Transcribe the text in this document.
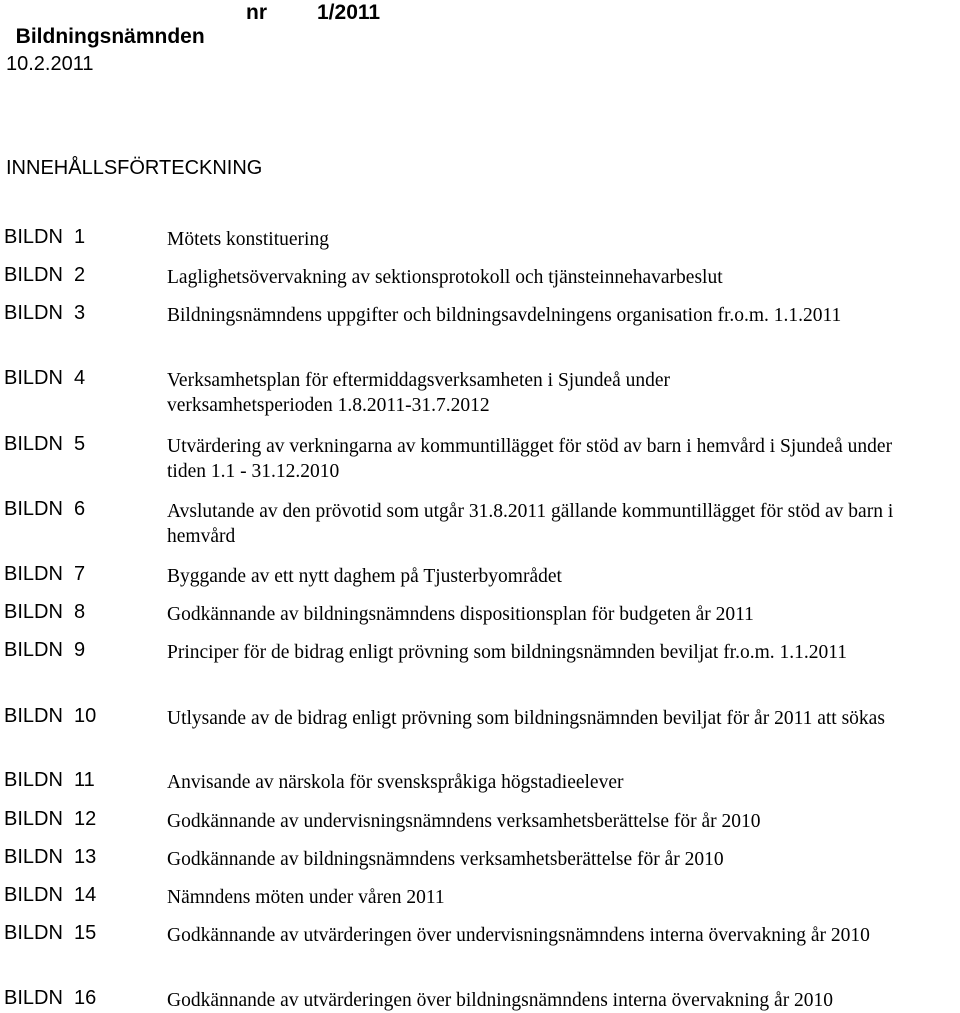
Bildningsnämnden

nr

1/2011

10.2.2011
INNEHÅLLSFÖRTECKNING
BILDN  1	Mötets konstituering
BILDN  2	Laglighetsövervakning av sektionsprotokoll och tjänsteinnehavarbeslut
BILDN  3	Bildningsnämndens uppgifter och bildningsavdelningens organisation fr.o.m. 1.1.2011
BILDN  4	Verksamhetsplan för eftermiddagsverksamheten i Sjundeå under verksamhetsperioden 1.8.2011-31.7.2012
BILDN  5	Utvärdering av verkningarna av kommuntillägget för stöd av barn i hemvård i Sjundeå under tiden 1.1 - 31.12.2010
BILDN  6	Avslutande av den prövotid som utgår 31.8.2011 gällande kommuntillägget för stöd av barn i hemvård
BILDN  7	Byggande av ett nytt daghem på Tjusterbyområdet
BILDN  8	Godkännande av bildningsnämndens dispositionsplan för budgeten år 2011
BILDN  9	Principer för de bidrag enligt prövning som bildningsnämnden beviljat fr.o.m. 1.1.2011
BILDN  10	Utlysande av de bidrag enligt prövning som bildningsnämnden beviljat för år 2011 att sökas
BILDN  11	Anvisande av närskola för svenskspråkiga högstadieelever
BILDN  12	Godkännande av undervisningsnämndens verksamhetsberättelse för år 2010
BILDN  13	Godkännande av bildningsnämndens verksamhetsberättelse för år 2010
BILDN  14	Nämndens möten under våren 2011
BILDN  15	Godkännande av utvärderingen över undervisningsnämndens interna övervakning år 2010
BILDN  16	Godkännande av utvärderingen över bildningsnämndens interna övervakning år 2010
